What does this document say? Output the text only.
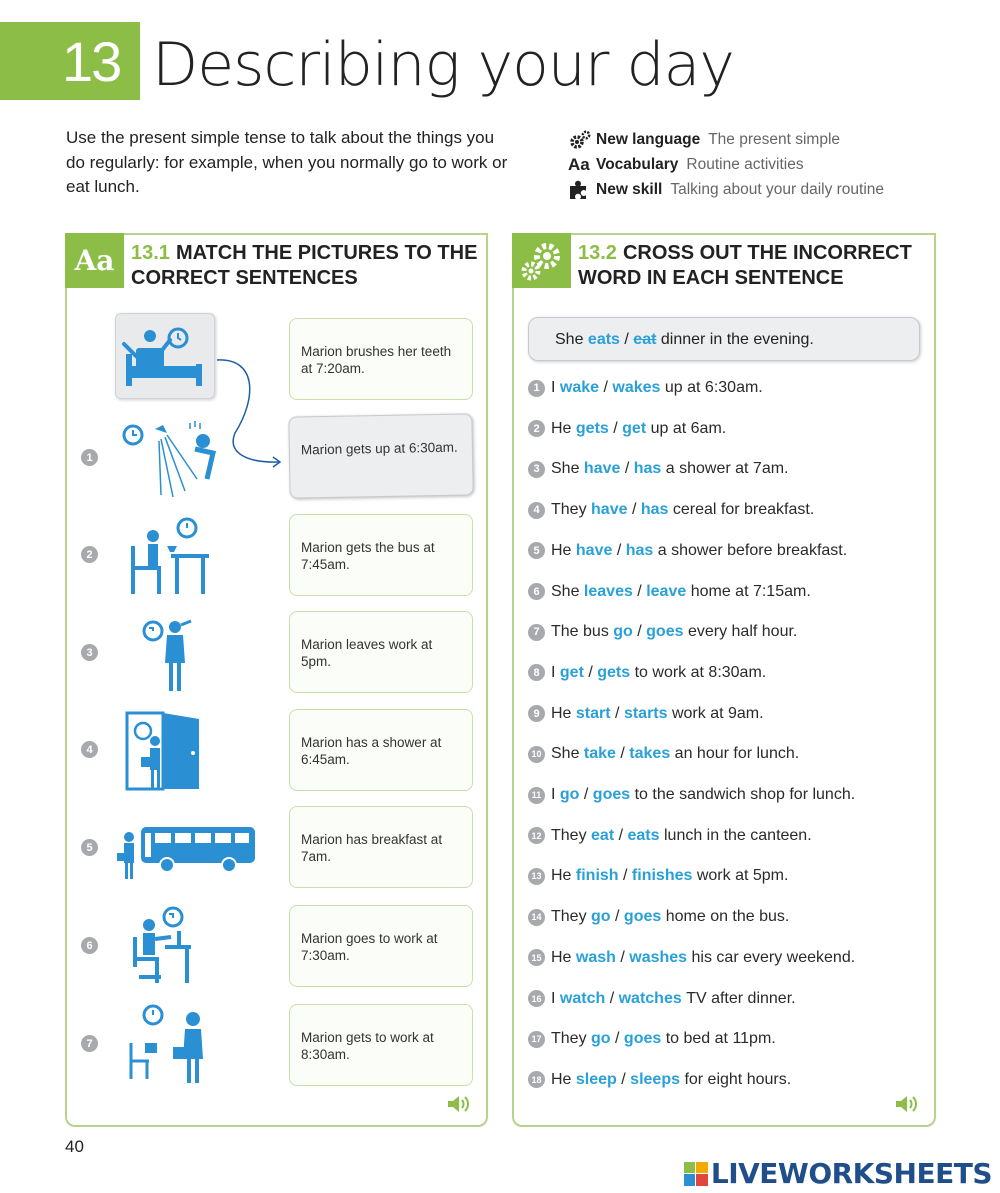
13 Describing your day

Use the present simple tense to talk about the things you do regularly: for example, when you normally go to work or eat lunch.

New language The present simple
Aa Vocabulary Routine activities
New skill Talking about your daily routine
Aa 13.1 MATCH THE PICTURES TO THE CORRECT SENTENCES
Marion brushes her teeth at 7:20am.
Marion gets up at 6:30am.
Marion gets the bus at 7:45am.
Marion leaves work at 5pm.
Marion has a shower at 6:45am.
Marion has breakfast at 7am.
Marion goes to work at 7:30am.
Marion gets to work at 8:30am.
1
2
3
4
5
6
7
13.2 CROSS OUT THE INCORRECT WORD IN EACH SENTENCE
She eats / eat dinner in the evening.
1 I
wake / wakes
up at 6:30am.
2 He
gets / get
up at 6am.
3 She
have / has
a shower at 7am.
4 They
have / has
cereal for breakfast.
5 He
have / has
a shower before breakfast.
6 She
leaves / leave
home at 7:15am.
7 The bus
go / goes
every half hour.
8 I
get / gets
to work at 8:30am.
9 He
start / starts
work at 9am.
10 She
take / takes
an hour for lunch.
11 I
go / goes
to the sandwich shop for lunch.
12 They
eat / eats
lunch in the canteen.
13 He
finish / finishes
work at 5pm.
14 They
go / goes
home on the bus.
15 He
wash / washes
his car every weekend.
16 I
watch / watches
TV after dinner.
17 They
go / goes
to bed at 11pm.
18 He
sleep / sleeps
for eight hours.
40
LIVEWORKSHEETS
